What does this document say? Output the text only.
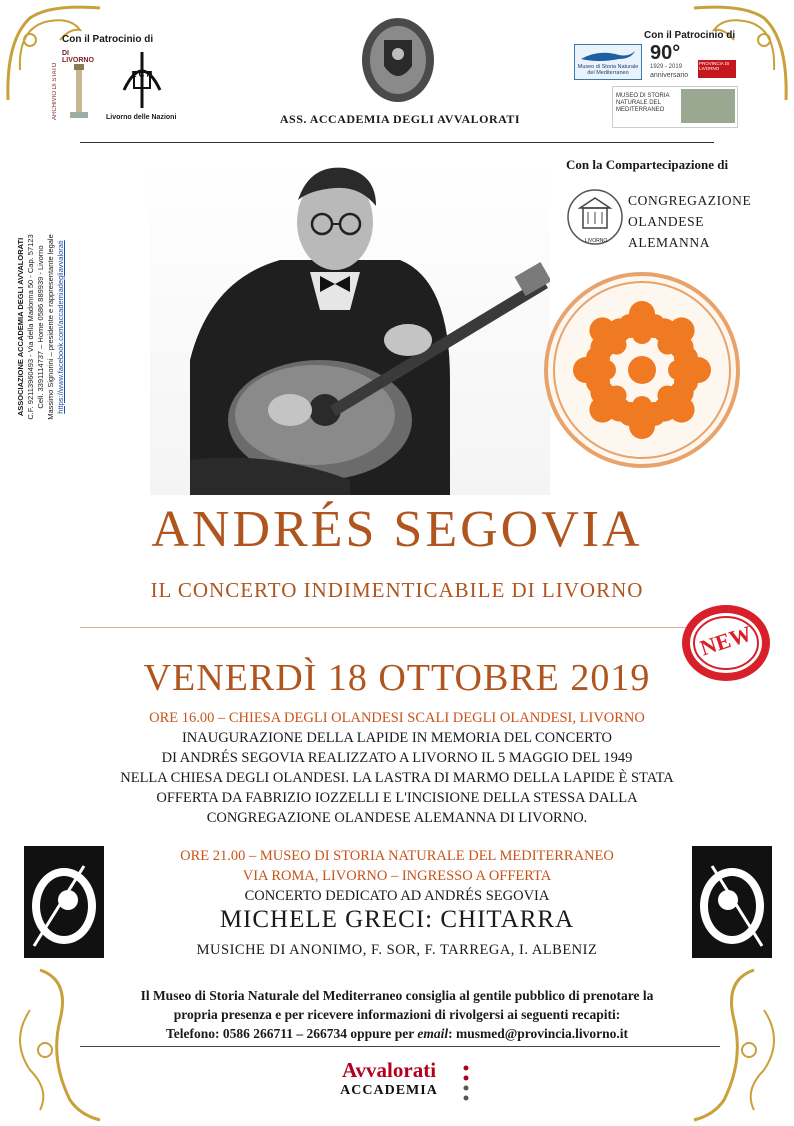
Con il Patrocinio di
ARCHIVIO DI STATO
DI LIVORNO
L C N
Livorno delle Nazioni	ASS. ACCADEMIA DEGLI AVVALORATI
Con il Patrocinio di
Museo di Storia Naturale del Mediterraneo
90°
1929 - 2019
anniversario
PROVINCIA DI LIVORNO
MUSEO DI STORIA NATURALE DEL MEDITERRANEO
ASSOCIAZIONE ACCADEMIA DEGLI AVVALORATI C.F. 92113960493 - Via della Madonna 50 - Cap. 57123 Cell. 3391114737 – Home 0586 889939 - Livorno Massimo Signorini – presidente e rappresentante legale https://www.facebook.com/accademiadegliavvalorati
Con la Compartecipazione di
LIVORNO
CONGREGAZIONE
OLANDESE
ALEMANNA
ANDRÉS SEGOVIA
IL CONCERTO INDIMENTICABILE DI LIVORNO
NEW
VENERDÌ 18 OTTOBRE 2019
ORE 16.00 – CHIESA DEGLI OLANDESI SCALI DEGLI OLANDESI, LIVORNO
INAUGURAZIONE DELLA LAPIDE IN MEMORIA DEL CONCERTO
DI ANDRÉS SEGOVIA REALIZZATO A LIVORNO IL 5 MAGGIO DEL 1949
NELLA CHIESA DEGLI OLANDESI. LA LASTRA DI MARMO DELLA LAPIDE È STATA
OFFERTA DA FABRIZIO IOZZELLI E L'INCISIONE DELLA STESSA DALLA
CONGREGAZIONE OLANDESE ALEMANNA DI LIVORNO.
ORE 21.00 – MUSEO DI STORIA NATURALE DEL MEDITERRANEO
VIA ROMA, LIVORNO – INGRESSO A OFFERTA
CONCERTO DEDICATO AD ANDRÉS SEGOVIA
MICHELE GRECI: CHITARRA
MUSICHE DI ANONIMO, F. SOR, F. TARREGA, I. ALBENIZ
Il Museo di Storia Naturale del Mediterraneo consiglia al gentile pubblico di prenotare la
propria presenza e per ricevere informazioni di rivolgersi ai seguenti recapiti:
Telefono: 0586 266711 – 266734 oppure per email: musmed@provincia.livorno.it
Avvalorati
ACCADEMIA
